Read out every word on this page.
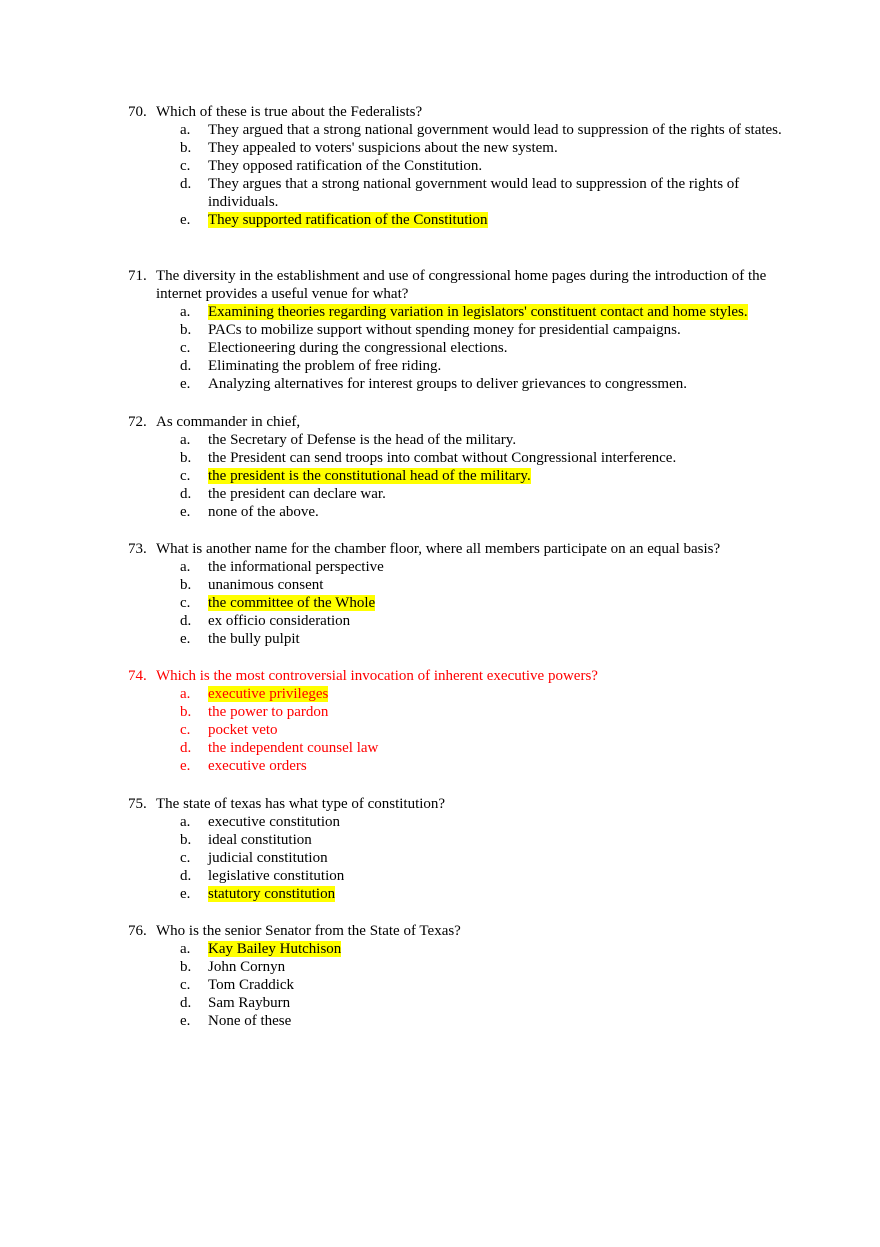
70. Which of these is true about the Federalists?
a. They argued that a strong national government would lead to suppression of the rights of states.
b. They appealed to voters' suspicions about the new system.
c. They opposed ratification of the Constitution.
d. They argues that a strong national government would lead to suppression of the rights of individuals.
e. They supported ratification of the Constitution
71. The diversity in the establishment and use of congressional home pages during the introduction of the internet provides a useful venue for what?
a. Examining theories regarding variation in legislators' constituent contact and home styles.
b. PACs to mobilize support without spending money for presidential campaigns.
c. Electioneering during the congressional elections.
d. Eliminating the problem of free riding.
e. Analyzing alternatives for interest groups to deliver grievances to congressmen.
72. As commander in chief,
a. the Secretary of Defense is the head of the military.
b. the President can send troops into combat without Congressional interference.
c. the president is the constitutional head of the military.
d. the president can declare war.
e. none of the above.
73. What is another name for the chamber floor, where all members participate on an equal basis?
a. the informational perspective
b. unanimous consent
c. the committee of the Whole
d. ex officio consideration
e. the bully pulpit
74. Which is the most controversial invocation of inherent executive powers?
a. executive privileges
b. the power to pardon
c. pocket veto
d. the independent counsel law
e. executive orders
75. The state of texas has what type of constitution?
a. executive constitution
b. ideal constitution
c. judicial constitution
d. legislative constitution
e. statutory constitution
76. Who is the senior Senator from the State of Texas?
a. Kay Bailey Hutchison
b. John Cornyn
c. Tom Craddick
d. Sam Rayburn
e. None of these
